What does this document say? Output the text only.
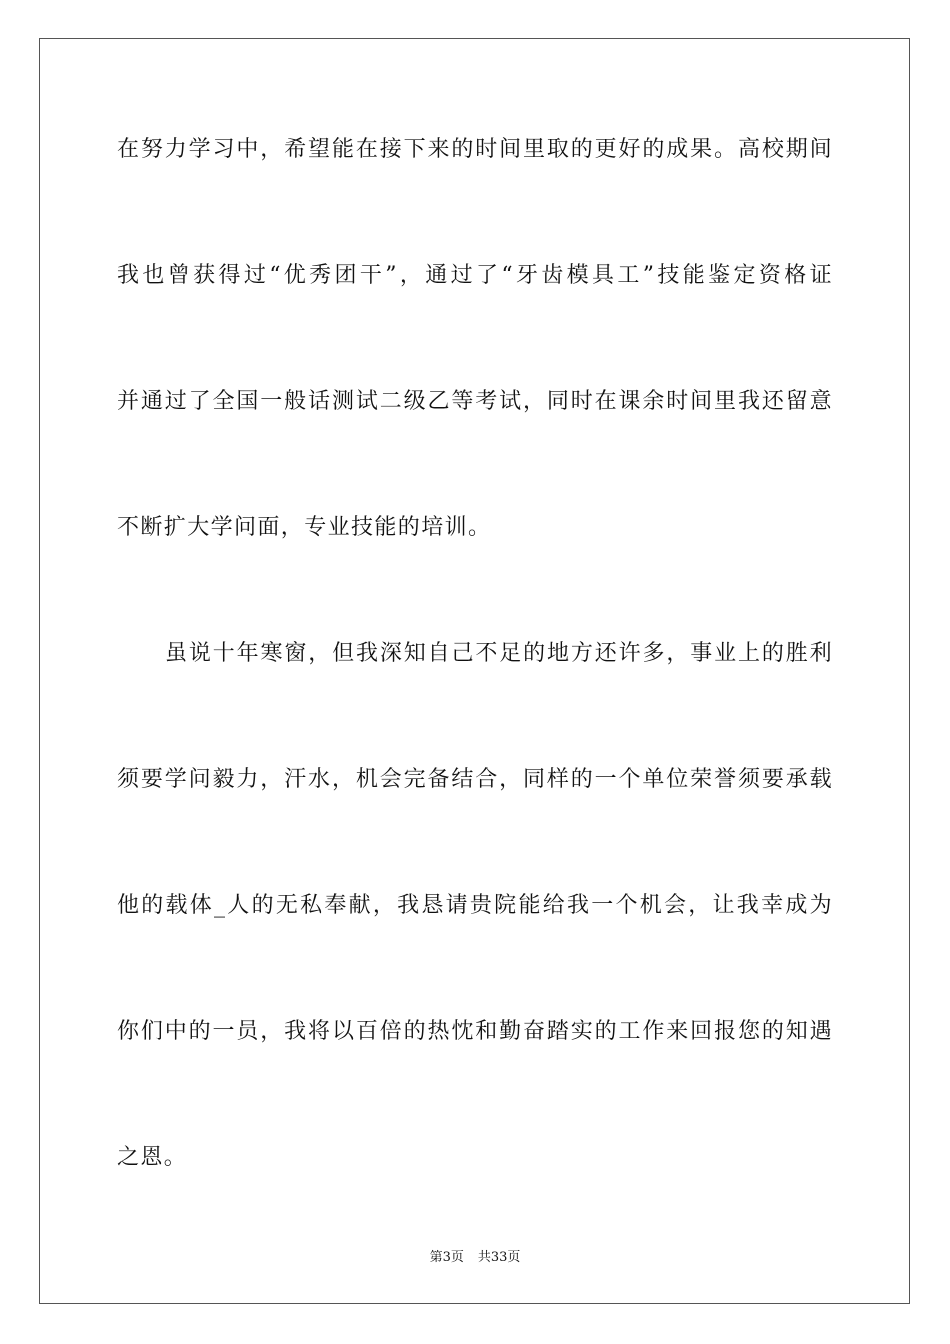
在努力学习中，希望能在接下来的时间里取的更好的成果。高校期间
我也曾获得过“优秀团干”，通过了“牙齿模具工”技能鉴定资格证
并通过了全国一般话测试二级乙等考试，同时在课余时间里我还留意
不断扩大学问面，专业技能的培训。
虽说十年寒窗，但我深知自己不足的地方还许多，事业上的胜利
须要学问毅力，汗水，机会完备结合，同样的一个单位荣誉须要承载
他的载体_人的无私奉献，我恳请贵院能给我一个机会，让我幸成为
你们中的一员，我将以百倍的热忱和勤奋踏实的工作来回报您的知遇
之恩。
第3页 共33页
